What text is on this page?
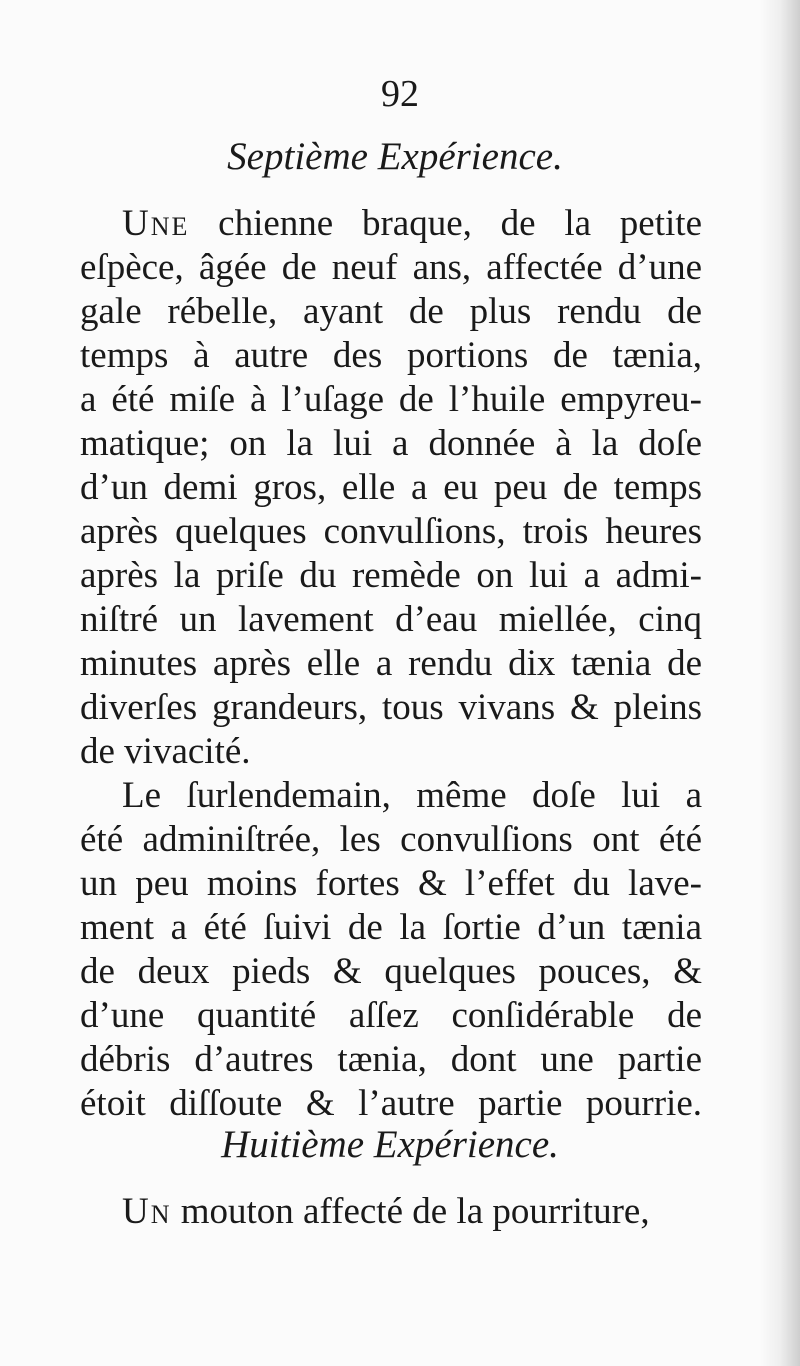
92
Septième Expérience.
Une chienne braque, de la petite
eſpèce, âgée de neuf ans, affectée d’une
gale rébelle, ayant de plus rendu de
temps à autre des portions de tænia,
a été miſe à l’uſage de l’huile empyreu-
matique; on la lui a donnée à la doſe
d’un demi gros, elle a eu peu de temps
après quelques convulſions, trois heures
après la priſe du remède on lui a admi-
niſtré un lavement d’eau miellée, cinq
minutes après elle a rendu dix tænia de
diverſes grandeurs, tous vivans & pleins
de vivacité.
Le ſurlendemain, même doſe lui a
été adminiſtrée, les convulſions ont été
un peu moins fortes & l’effet du lave-
ment a été ſuivi de la ſortie d’un tænia
de deux pieds & quelques pouces, &
d’une quantité aſſez conſidérable de
débris d’autres tænia, dont une partie
étoit diſſoute & l’autre partie pourrie.
Huitième Expérience.
Un mouton affecté de la pourriture,
